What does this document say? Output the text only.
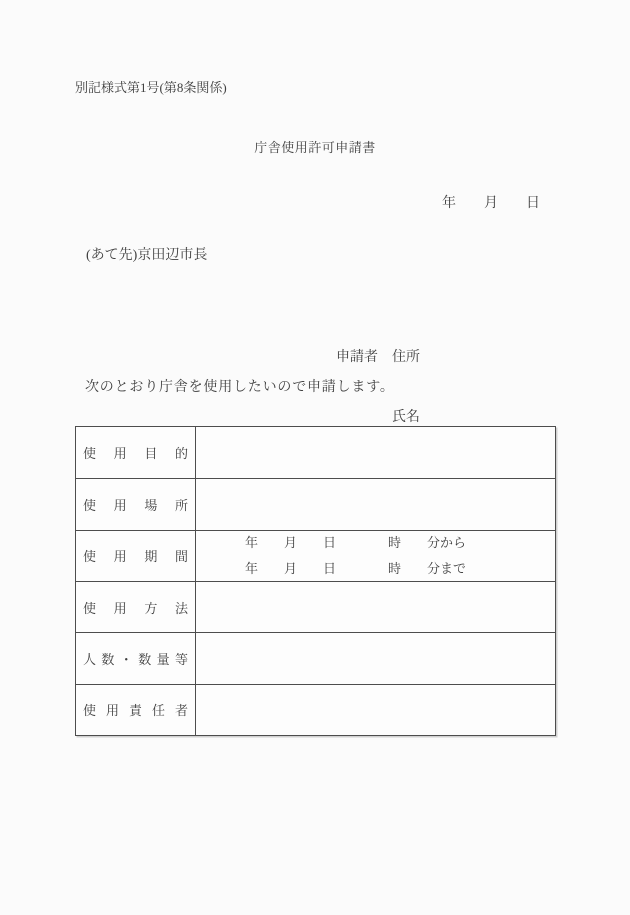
別記様式第1号(第8条関係)
庁舎使用許可申請書
年　　月　　日
(あて先)京田辺市長

申請者　住所

　　　　氏名

次のとおり庁舎を使用したいので申請します。
使 用 目 的
使 用 場 所
使 用 期 間
年　　月　　日　　　　時　　分から
年　　月　　日　　　　時　　分まで
使 用 方 法
人 数 ・ 数 量 等
使 用 責 任 者
